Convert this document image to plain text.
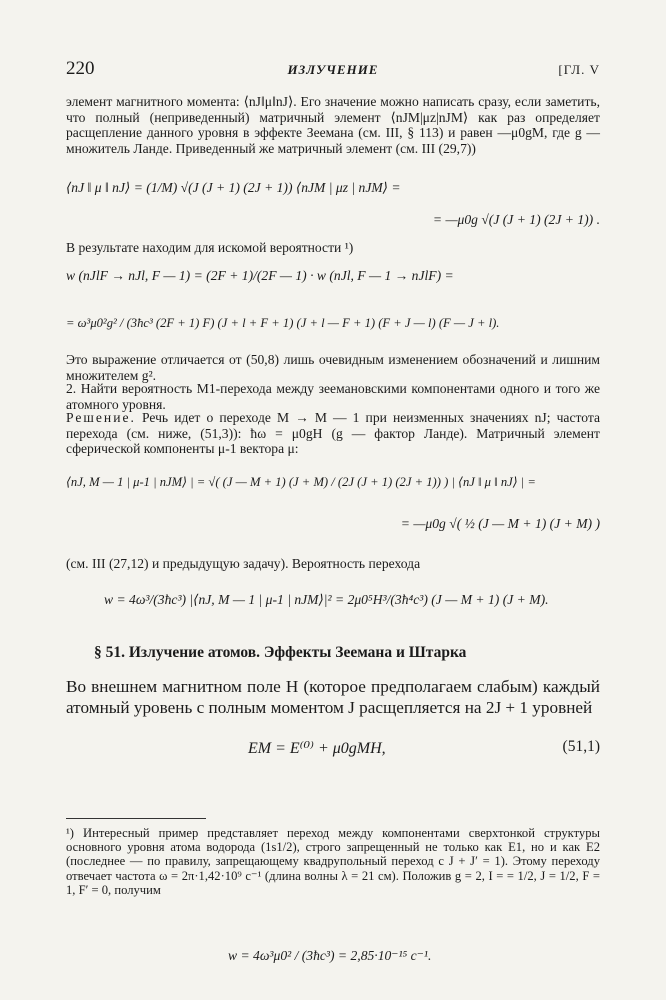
220	ИЗЛУЧЕНИЕ	[ГЛ. V

элемент магнитного момента: ⟨nJ‖μ‖nJ⟩. Его значение можно написать сразу, если заметить, что полный (неприведенный) матричный элемент ⟨nJM|μz|nJM⟩ как раз определяет расщепление данного уровня в эффекте Зеемана (см. III, § 113) и равен —μ0gM, где g — множитель Ланде. Приведенный же матричный элемент (см. III (29,7))

⟨nJ ‖ μ ‖ nJ⟩ = (1/M) √(J (J + 1) (2J + 1)) ⟨nJM | μz | nJM⟩ =
= —μ0g √(J (J + 1) (2J + 1)) .

В результате находим для искомой вероятности ¹)

w (nJlF → nJl, F — 1) = (2F + 1)/(2F — 1) · w (nJl, F — 1 → nJlF) =
= ω³μ0²g² / (3ħc³ (2F + 1) F) (J + l + F + 1) (J + l — F + 1) (F + J — l) (F — J + l).

Это выражение отличается от (50,8) лишь очевидным изменением обозначений и лишним множителем g².

2. Найти вероятность M1-перехода между зеемановскими компонентами одного и того же атомного уровня.

Решение. Речь идет о переходе M → M — 1 при неизменных значениях nJ; частота перехода (см. ниже, (51,3)): ħω = μ0gH (g — фактор Ланде). Матричный элемент сферической компоненты μ-1 вектора μ:

⟨nJ, M — 1 | μ-1 | nJM⟩ | = √( (J — M + 1) (J + M) / (2J (J + 1) (2J + 1)) ) | ⟨nJ ‖ μ ‖ nJ⟩ | =
= —μ0g √( ½ (J — M + 1) (J + M) )

(см. III (27,12) и предыдущую задачу). Вероятность перехода

w = 4ω³/(3ħc³) |⟨nJ, M — 1 | μ-1 | nJM⟩|² = 2μ0⁵H³/(3ħ⁴c³) (J — M + 1) (J + M).
§ 51. Излучение атомов. Эффекты Зеемана и Штарка

Во внешнем магнитном поле H (которое предполагаем слабым) каждый атомный уровень с полным моментом J расщепляется на 2J + 1 уровней

EM = E⁽⁰⁾ + μ0gMH,	(51,1)

¹) Интересный пример представляет переход между компонентами сверхтонкой структуры основного уровня атома водорода (1s1/2), строго запрещенный не только как E1, но и как E2 (последнее — по правилу, запрещающему квадрупольный переход с J + J′ = 1). Этому переходу отвечает частота ω = 2π·1,42·10⁹ с⁻¹ (длина волны λ = 21 см). Положив g = 2, I = = 1/2, J = 1/2, F = 1, F′ = 0, получим

w = 4ω³μ0² / (3ħc³) = 2,85·10⁻¹⁵ с⁻¹.
